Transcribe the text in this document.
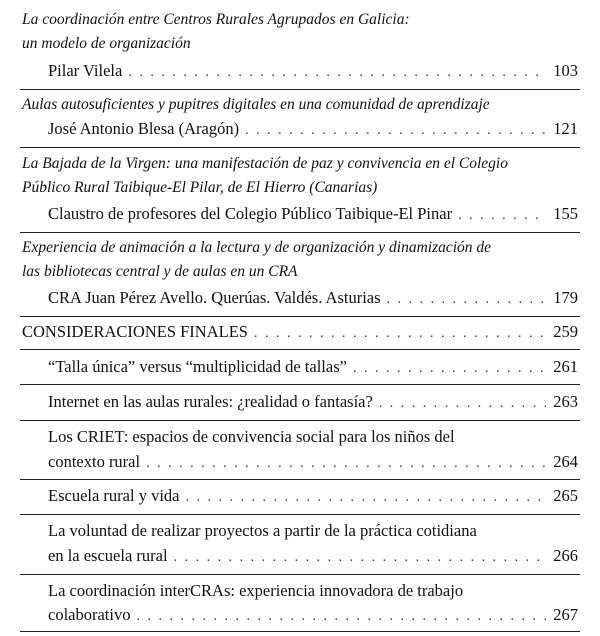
La coordinación entre Centros Rurales Agrupados en Galicia:
un modelo de organización
Pilar Vilela . . .	103
Aulas autosuficientes y pupitres digitales en una comunidad de aprendizaje
José Antonio Blesa (Aragón) . . .	121
La Bajada de la Virgen: una manifestación de paz y convivencia en el Colegio
Público Rural Taibique-El Pilar, de El Hierro (Canarias)
Claustro de profesores del Colegio Público Taibique-El Pinar . . .	155
Experiencia de animación a la lectura y de organización y dinamización de
las bibliotecas central y de aulas en un CRA
CRA Juan Pérez Avello. Querúas. Valdés. Asturias . . .	179
CONSIDERACIONES FINALES . . .	259
“Talla única” versus “multiplicidad de tallas” . . .	261
Internet en las aulas rurales: ¿realidad o fantasía? . . .	263
Los CRIET: espacios de convivencia social para los niños del
contexto rural . . .	264
Escuela rural y vida . . .	265
La voluntad de realizar proyectos a partir de la práctica cotidiana
en la escuela rural . . .	266
La coordinación interCRAs: experiencia innovadora de trabajo
colaborativo . . .	267
